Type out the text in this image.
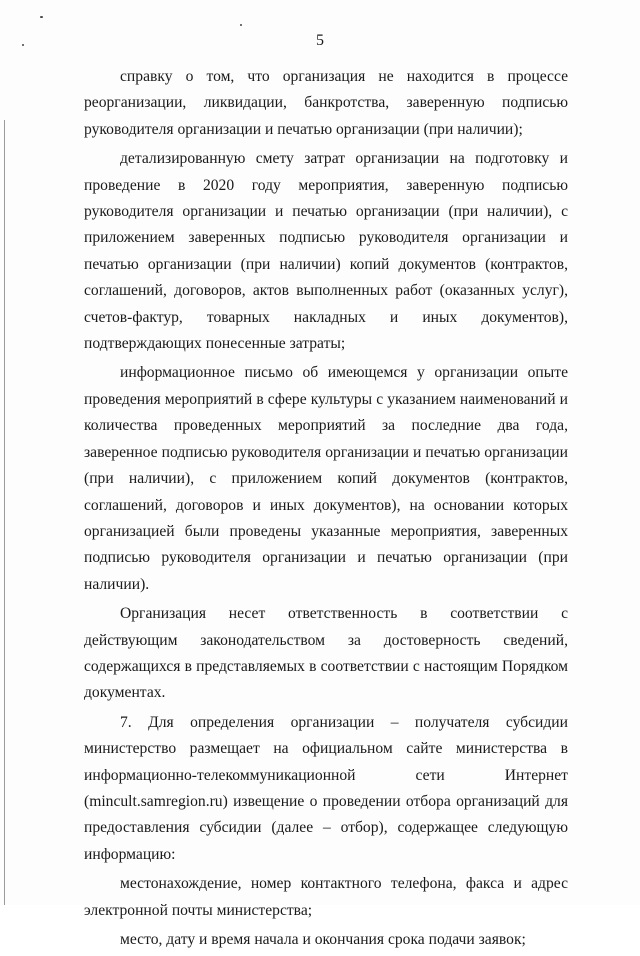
5

справку о том, что организация не находится в процессе реорганизации, ликвидации, банкротства, заверенную подписью руководителя организации и печатью организации (при наличии);

детализированную смету затрат организации на подготовку и проведение в 2020 году мероприятия, заверенную подписью руководителя организации и печатью организации (при наличии), с приложением заверенных подписью руководителя организации и печатью организации (при наличии) копий документов (контрактов, соглашений, договоров, актов выполненных работ (оказанных услуг), счетов-фактур, товарных накладных и иных документов), подтверждающих понесенные затраты;

информационное письмо об имеющемся у организации опыте проведения мероприятий в сфере культуры с указанием наименований и количества проведенных мероприятий за последние два года, заверенное подписью руководителя организации и печатью организации (при наличии), с приложением копий документов (контрактов, соглашений, договоров и иных документов), на основании которых организацией были проведены указанные мероприятия, заверенных подписью руководителя организации и печатью организации (при наличии).

Организация несет ответственность в соответствии с действующим законодательством за достоверность сведений, содержащихся в представляемых в соответствии с настоящим Порядком документах.

7. Для определения организации – получателя субсидии министерство размещает на официальном сайте министерства в информационно-телекоммуникационной сети Интернет (mincult.samregion.ru) извещение о проведении отбора организаций для предоставления субсидии (далее – отбор), содержащее следующую информацию:

местонахождение, номер контактного телефона, факса и адрес электронной почты министерства;

место, дату и время начала и окончания срока подачи заявок;
